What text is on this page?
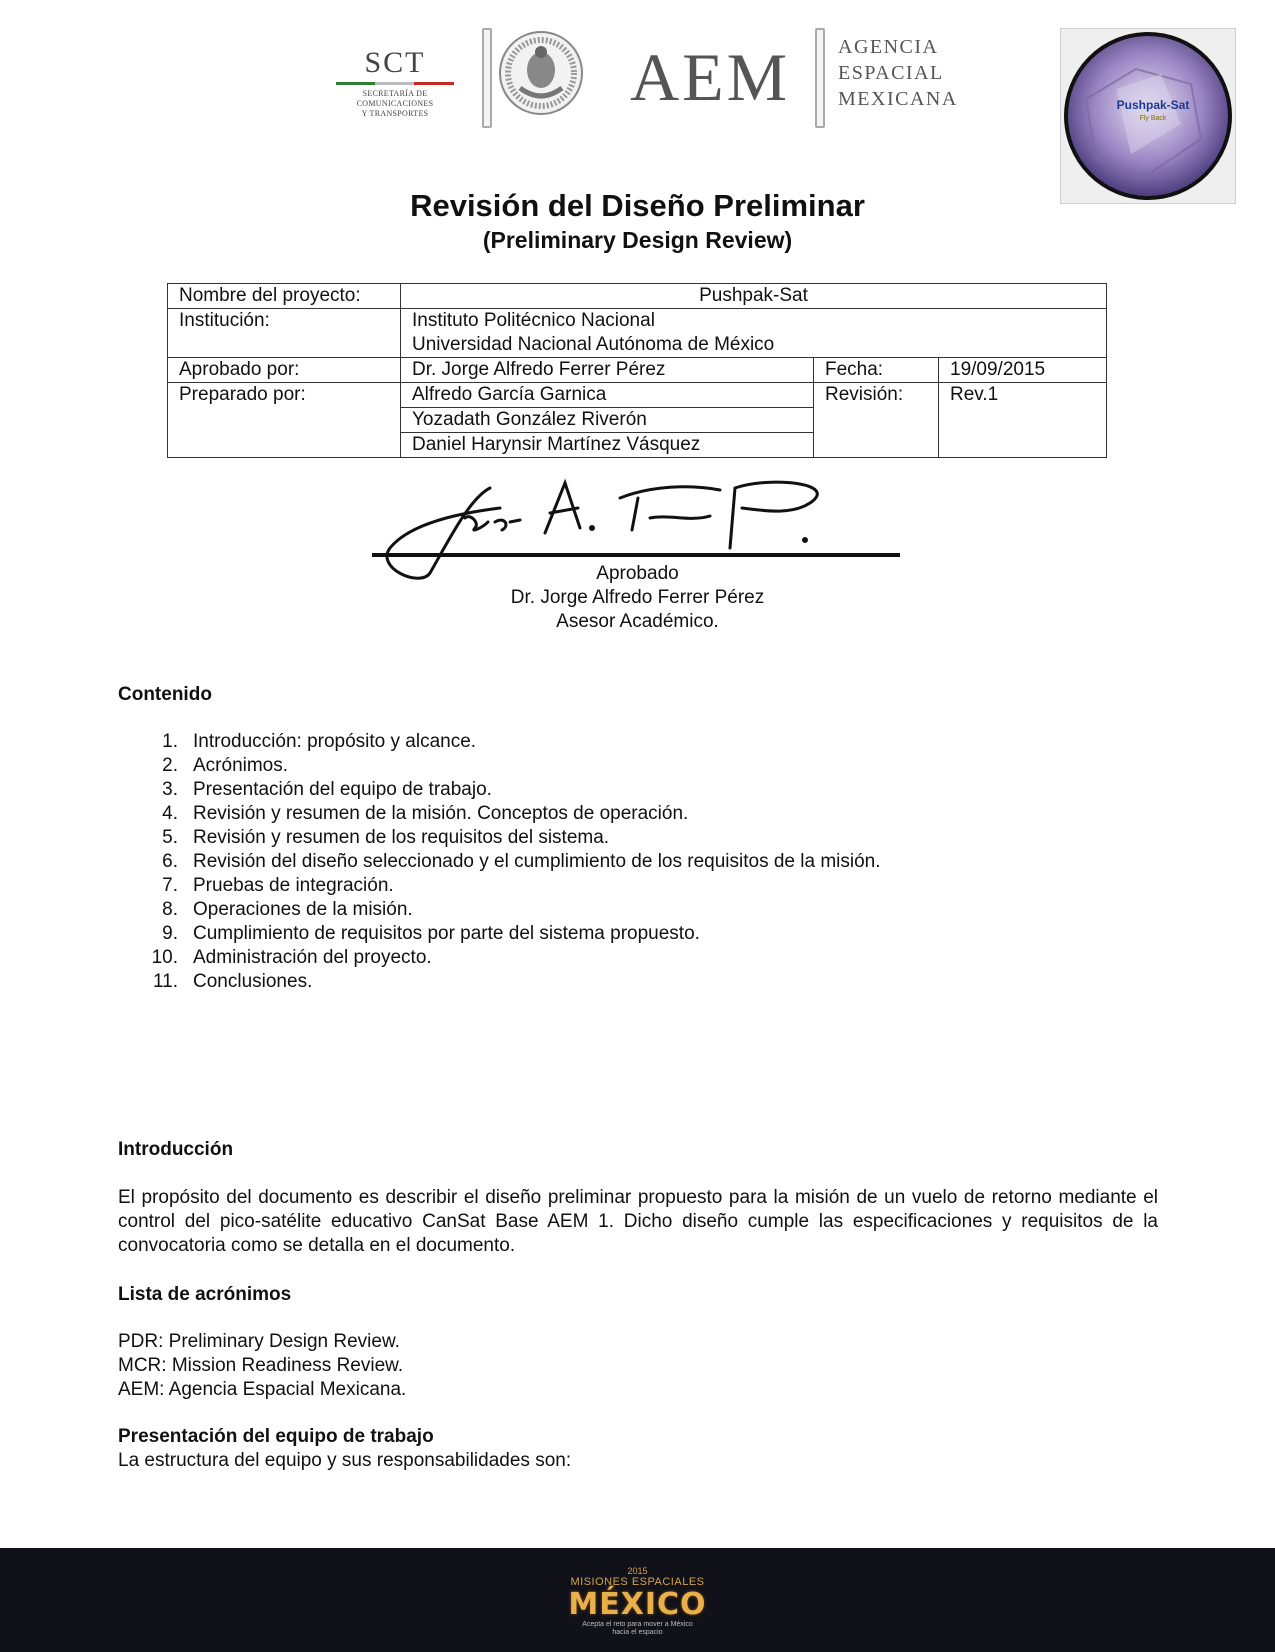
SCT
SECRETARÍA DE
COMUNICACIONES
Y TRANSPORTES	AEM AGENCIA
ESPACIAL
MEXICANA	Pushpak-Sat
Fly Back
Revisión del Diseño Preliminar
(Preliminary Design Review)
Nombre del proyecto:	Pushpak-Sat		
Institución:	Instituto Politécnico Nacional
Universidad Nacional Autónoma de México		

Aprobado por:	Dr. Jorge Alfredo Ferrer Pérez	Fecha:	19/09/2015
Preparado por:	Alfredo García Garnica	Revisión:	Rev.1
	Yozadath González Riverón		
	Daniel Harynsir Martínez Vásquez		
Aprobado
Dr. Jorge Alfredo Ferrer Pérez
Asesor Académico.
Contenido
1. Introducción: propósito y alcance.
2. Acrónimos.
3. Presentación del equipo de trabajo.
4. Revisión y resumen de la misión. Conceptos de operación.
5. Revisión y resumen de los requisitos del sistema.
6. Revisión del diseño seleccionado y el cumplimiento de los requisitos de la misión.
7. Pruebas de integración.
8. Operaciones de la misión.
9. Cumplimiento de requisitos por parte del sistema propuesto.
10. Administración del proyecto.
11. Conclusiones.
Introducción
El propósito del documento es describir el diseño preliminar propuesto para la misión de un vuelo de retorno mediante el control del pico-satélite educativo CanSat Base AEM 1. Dicho diseño cumple las especificaciones y requisitos de la convocatoria como se detalla en el documento.
Lista de acrónimos
PDR: Preliminary Design Review.
MCR: Mission Readiness Review.
AEM: Agencia Espacial Mexicana.
Presentación del equipo de trabajo
La estructura del equipo y sus responsabilidades son:
2015
MISIONES ESPACIALES
MÉXICO
Acepta el reto para mover a México
hacia el espacio
